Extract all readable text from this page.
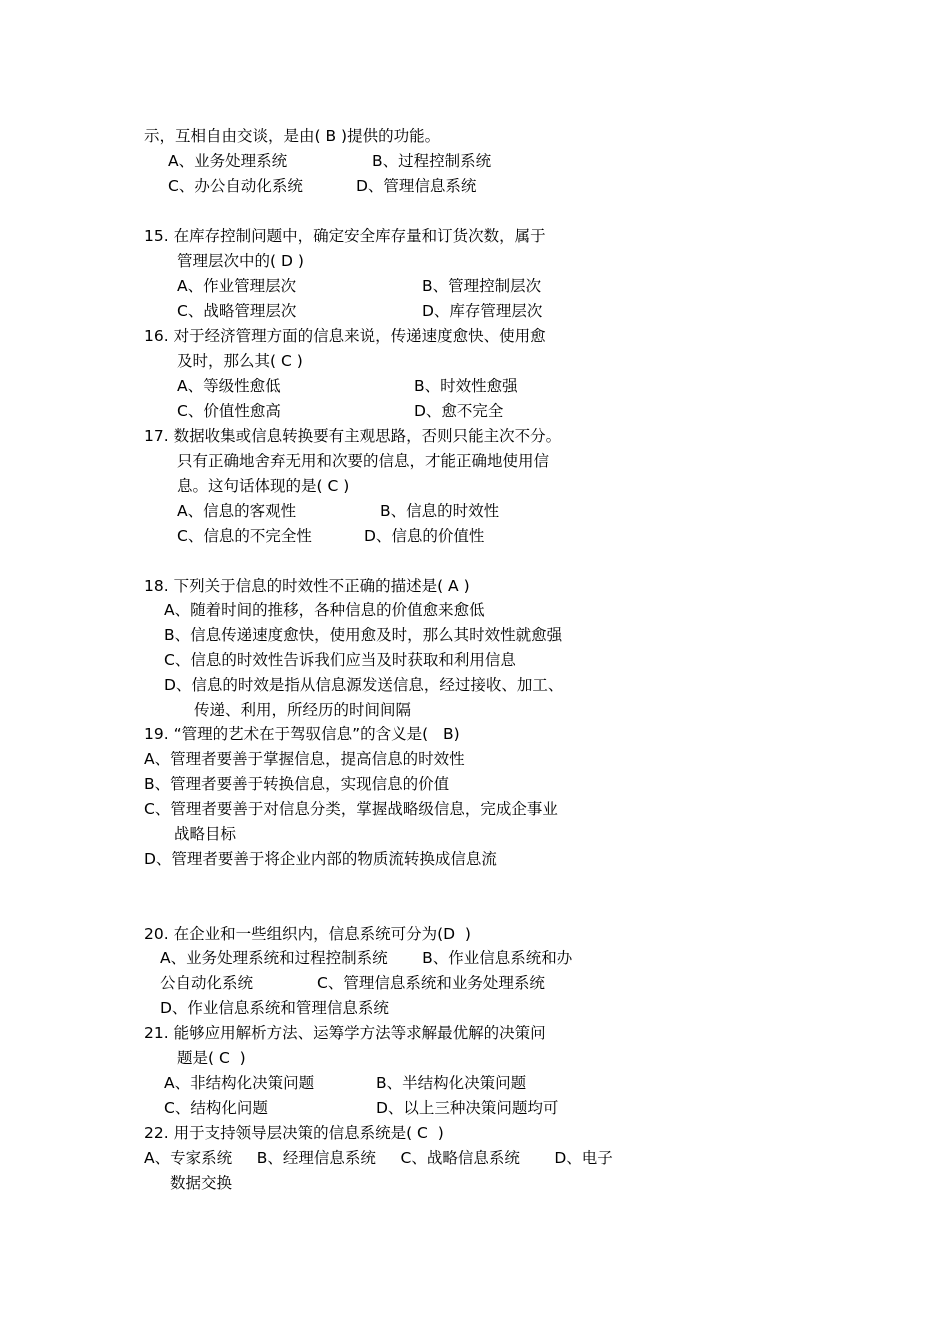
示，互相自由交谈，是由( B )提供的功能。
A、业务处理系统	B、过程控制系统
C、办公自动化系统	D、管理信息系统
15. 在库存控制问题中，确定安全库存量和订货次数，属于
管理层次中的( D )
A、作业管理层次	B、管理控制层次
C、战略管理层次	D、库存管理层次
16. 对于经济管理方面的信息来说，传递速度愈快、使用愈
及时，那么其( C )
A、等级性愈低	B、时效性愈强
C、价值性愈高	D、愈不完全
17. 数据收集或信息转换要有主观思路，否则只能主次不分。
只有正确地舍弃无用和次要的信息，才能正确地使用信
息。这句话体现的是( C )
A、信息的客观性	B、信息的时效性
C、信息的不完全性	D、信息的价值性
18. 下列关于信息的时效性不正确的描述是( A )
A、随着时间的推移，各种信息的价值愈来愈低
B、信息传递速度愈快，使用愈及时，那么其时效性就愈强
C、信息的时效性告诉我们应当及时获取和利用信息
D、信息的时效是指从信息源发送信息，经过接收、加工、
传递、利用，所经历的时间间隔
19. “管理的艺术在于驾驭信息”的含义是(   B)
A、管理者要善于掌握信息，提高信息的时效性
B、管理者要善于转换信息，实现信息的价值
C、管理者要善于对信息分类，掌握战略级信息，完成企事业
战略目标
D、管理者要善于将企业内部的物质流转换成信息流
20. 在企业和一些组织内，信息系统可分为(D  )
A、业务处理系统和过程控制系统       B、作业信息系统和办
公自动化系统             C、管理信息系统和业务处理系统
D、作业信息系统和管理信息系统
21. 能够应用解析方法、运筹学方法等求解最优解的决策问
题是( C  )
A、非结构化决策问题	B、半结构化决策问题
C、结构化问题	D、以上三种决策问题均可
22. 用于支持领导层决策的信息系统是( C  )
A、专家系统     B、经理信息系统     C、战略信息系统       D、电子
数据交换
